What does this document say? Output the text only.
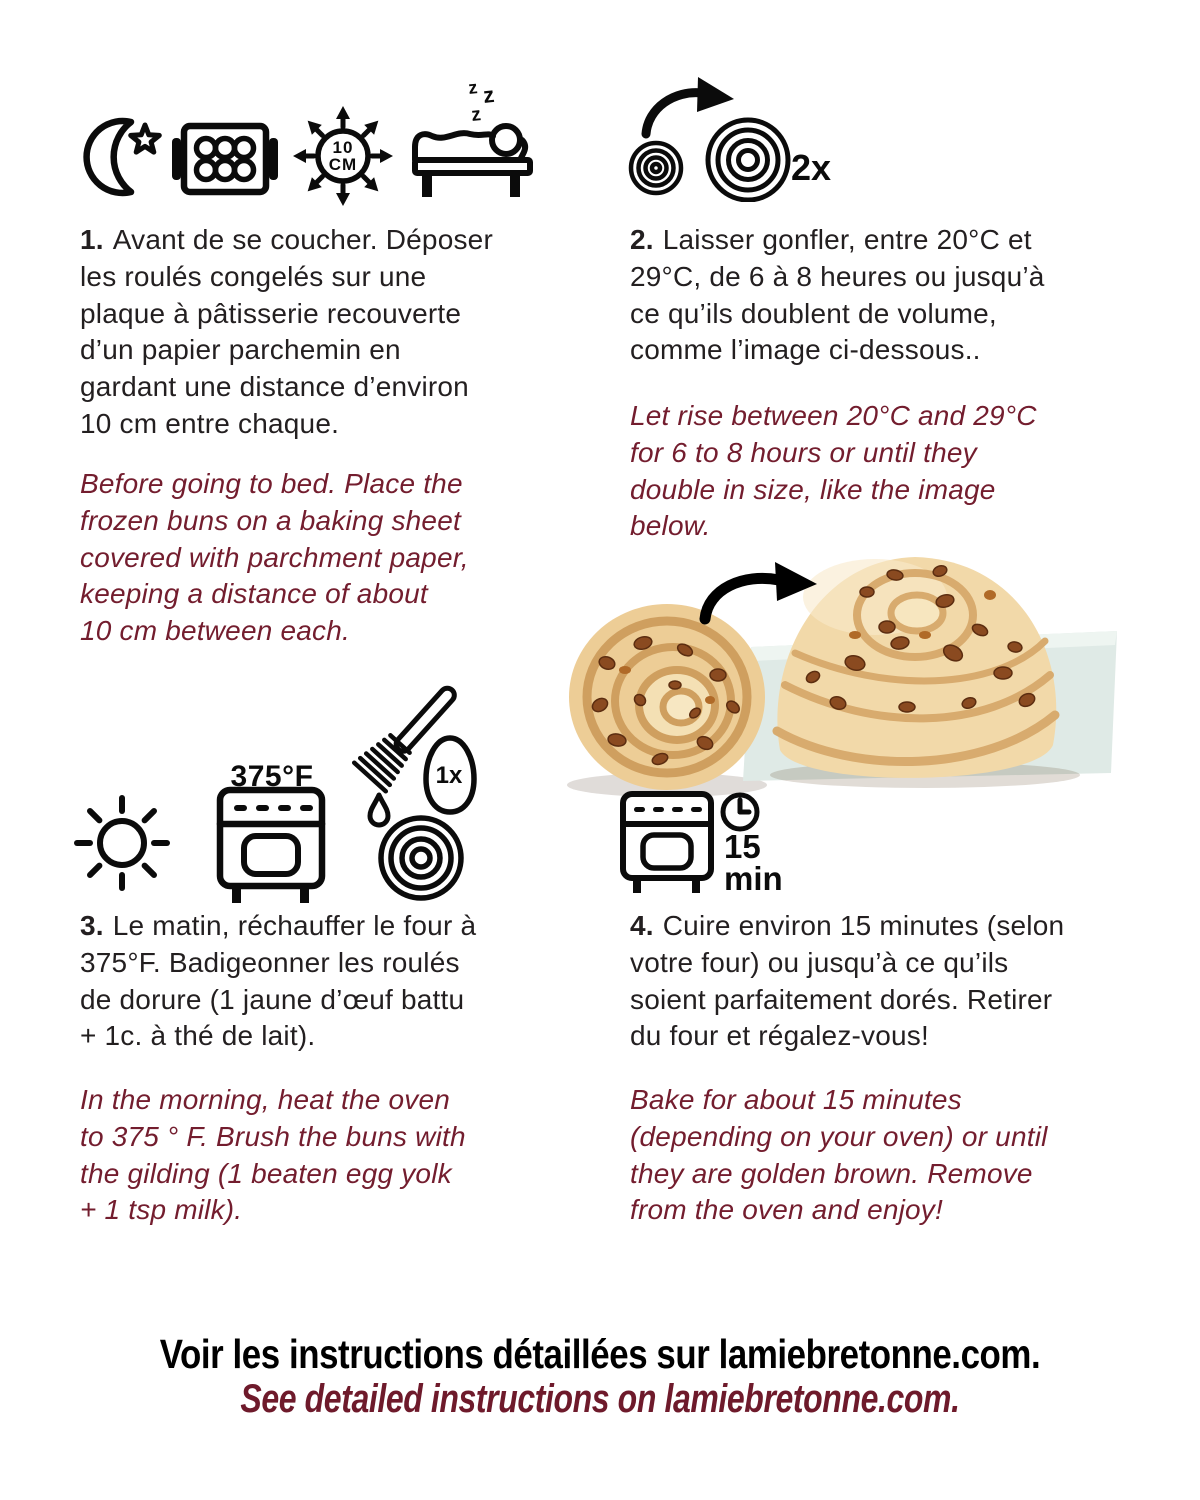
10
CM
z z
z
2x
1. Avant de se coucher. Déposer
les roulés congelés sur une
plaque à pâtisserie recouverte
d’un papier parchemin en
gardant une distance d’environ
10 cm entre chaque.
Before going to bed. Place the
frozen buns on a baking sheet
covered with parchment paper,
keeping a distance of about
10 cm between each.
2. Laisser gonfler, entre 20°C et
29°C, de 6 à 8 heures ou jusqu’à
ce qu’ils doublent de volume,
comme l’image ci-dessous..
Let rise between 20°C and 29°C
for 6 to 8 hours or until they
double in size, like the image
below.
1x
375°F
15
min
3. Le matin, réchauffer le four à
375°F. Badigeonner les roulés
de dorure (1 jaune d’œuf battu
+ 1c. à thé de lait).
In the morning, heat the oven
to 375 ° F. Brush the buns with
the gilding (1 beaten egg yolk
+ 1 tsp milk).
4. Cuire environ 15 minutes (selon
votre four) ou jusqu’à ce qu’ils
soient parfaitement dorés. Retirer
du four et régalez-vous!
Bake for about 15 minutes
(depending on your oven) or until
they are golden brown. Remove
from the oven and enjoy!
Voir les instructions détaillées sur lamiebretonne.com.
See detailed instructions on lamiebretonne.com.
